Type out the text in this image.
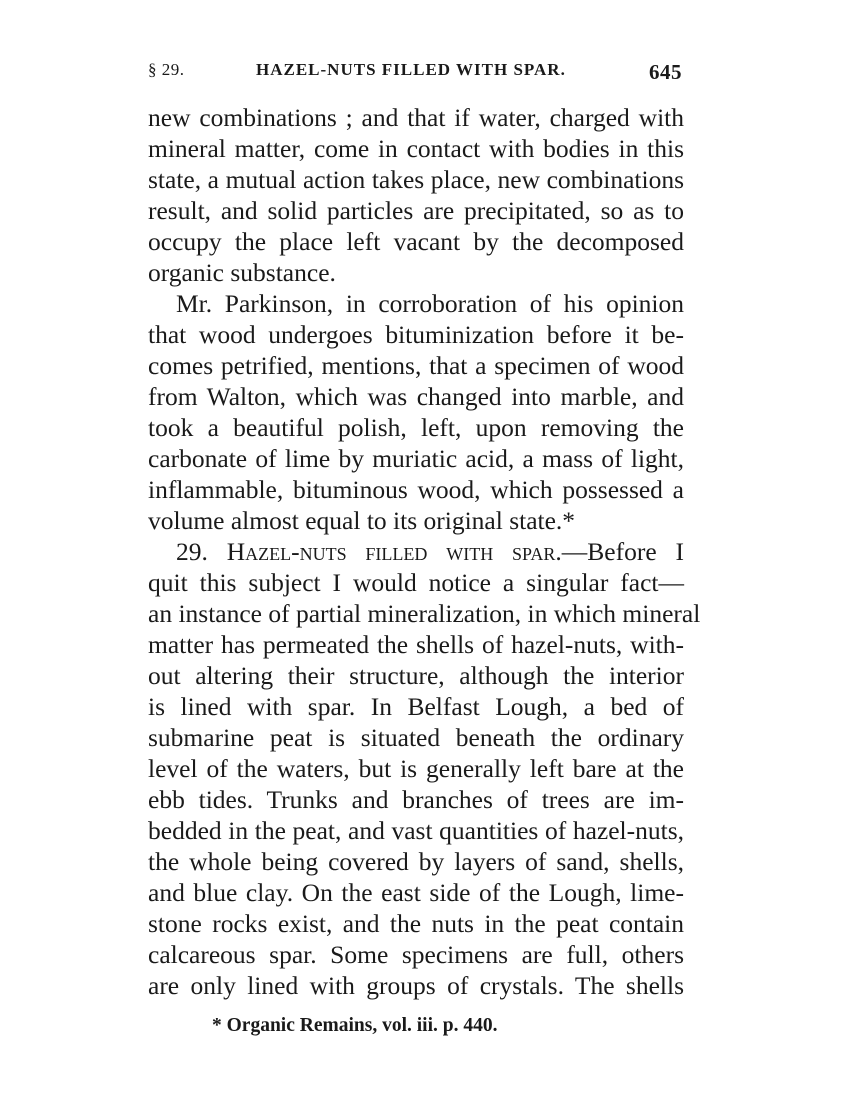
§ 29.	HAZEL-NUTS FILLED WITH SPAR.	645
new combinations ; and that if water, charged with
mineral matter, come in contact with bodies in this
state, a mutual action takes place, new combinations
result, and solid particles are precipitated, so as to
occupy the place left vacant by the decomposed
organic substance.
Mr. Parkinson, in corroboration of his opinion
that wood undergoes bituminization before it be-
comes petrified, mentions, that a specimen of wood
from Walton, which was changed into marble, and
took a beautiful polish, left, upon removing the
carbonate of lime by muriatic acid, a mass of light,
inflammable, bituminous wood, which possessed a
volume almost equal to its original state.*
29. Hazel-nuts filled with spar.—Before I
quit this subject I would notice a singular fact—
an instance of partial mineralization, in which mineral
matter has permeated the shells of hazel-nuts, with-
out altering their structure, although the interior
is lined with spar. In Belfast Lough, a bed of
submarine peat is situated beneath the ordinary
level of the waters, but is generally left bare at the
ebb tides. Trunks and branches of trees are im-
bedded in the peat, and vast quantities of hazel-nuts,
the whole being covered by layers of sand, shells,
and blue clay. On the east side of the Lough, lime-
stone rocks exist, and the nuts in the peat contain
calcareous spar. Some specimens are full, others
are only lined with groups of crystals. The shells
* Organic Remains, vol. iii. p. 440.
